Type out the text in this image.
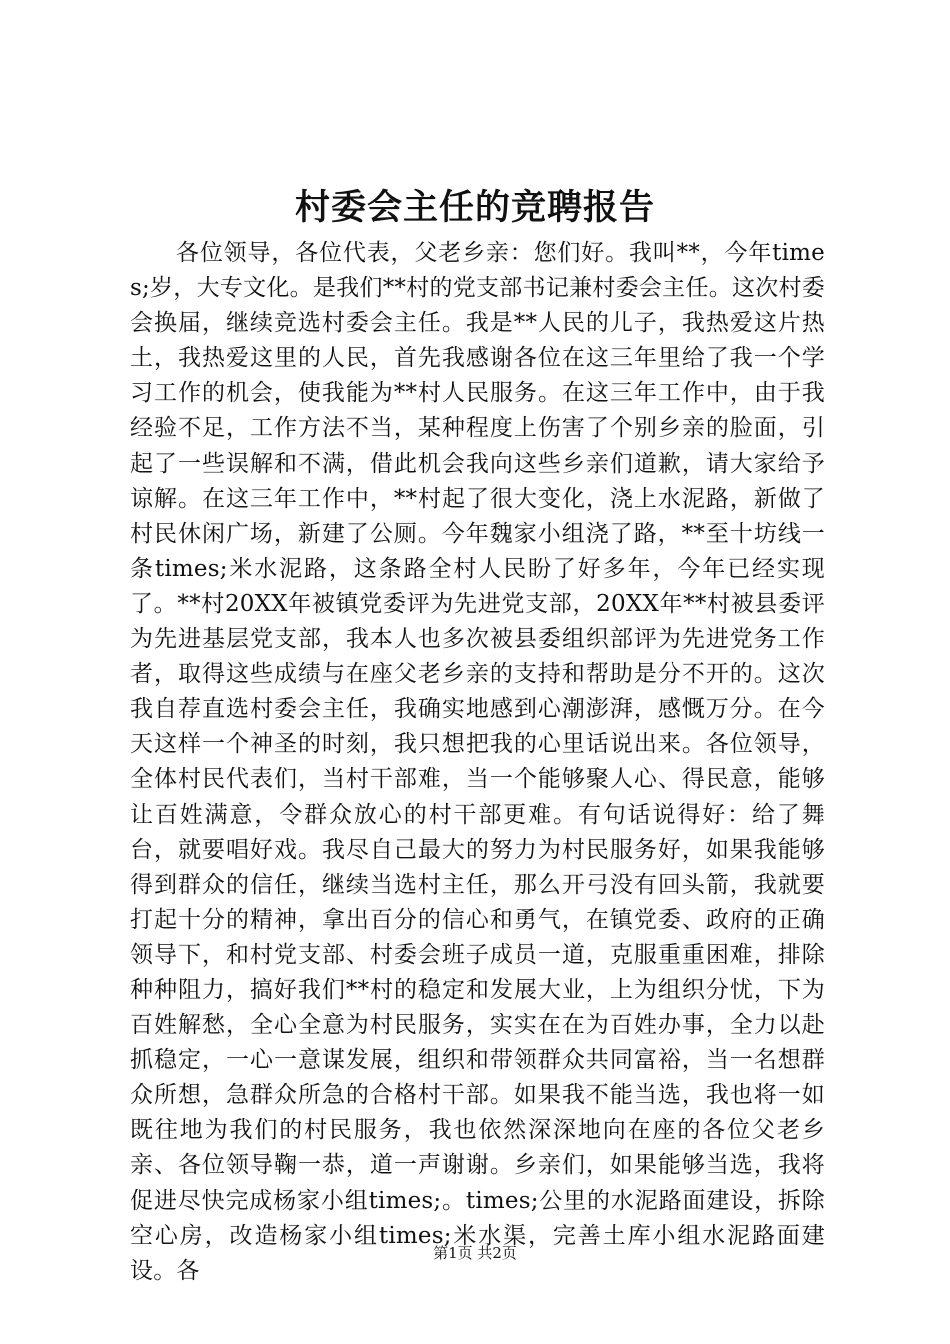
村委会主任的竞聘报告

各位领导，各位代表，父老乡亲：您们好。我叫**，今年times;岁，大专文化。是我们**村的党支部书记兼村委会主任。这次村委会换届，继续竞选村委会主任。我是**人民的儿子，我热爱这片热土，我热爱这里的人民，首先我感谢各位在这三年里给了我一个学习工作的机会，使我能为**村人民服务。在这三年工作中，由于我经验不足，工作方法不当，某种程度上伤害了个别乡亲的脸面，引起了一些误解和不满，借此机会我向这些乡亲们道歉，请大家给予谅解。在这三年工作中，**村起了很大变化，浇上水泥路，新做了村民休闲广场，新建了公厕。今年魏家小组浇了路，**至十坊线一条times;米水泥路，这条路全村人民盼了好多年，今年已经实现了。**村20XX年被镇党委评为先进党支部，20XX年**村被县委评为先进基层党支部，我本人也多次被县委组织部评为先进党务工作者，取得这些成绩与在座父老乡亲的支持和帮助是分不开的。这次我自荐直选村委会主任，我确实地感到心潮澎湃，感慨万分。在今天这样一个神圣的时刻，我只想把我的心里话说出来。各位领导，全体村民代表们，当村干部难，当一个能够聚人心、得民意，能够让百姓满意，令群众放心的村干部更难。有句话说得好：给了舞台，就要唱好戏。我尽自己最大的努力为村民服务好，如果我能够得到群众的信任，继续当选村主任，那么开弓没有回头箭，我就要打起十分的精神，拿出百分的信心和勇气，在镇党委、政府的正确领导下，和村党支部、村委会班子成员一道，克服重重困难，排除种种阻力，搞好我们**村的稳定和发展大业，上为组织分忧，下为百姓解愁，全心全意为村民服务，实实在在为百姓办事，全力以赴抓稳定，一心一意谋发展，组织和带领群众共同富裕，当一名想群众所想，急群众所急的合格村干部。如果我不能当选，我也将一如既往地为我们的村民服务，我也依然深深地向在座的各位父老乡亲、各位领导鞠一恭，道一声谢谢。乡亲们，如果能够当选，我将促进尽快完成杨家小组times;。times;公里的水泥路面建设，拆除空心房，改造杨家小组times;米水渠，完善土库小组水泥路面建设。各

第1页 共2页
